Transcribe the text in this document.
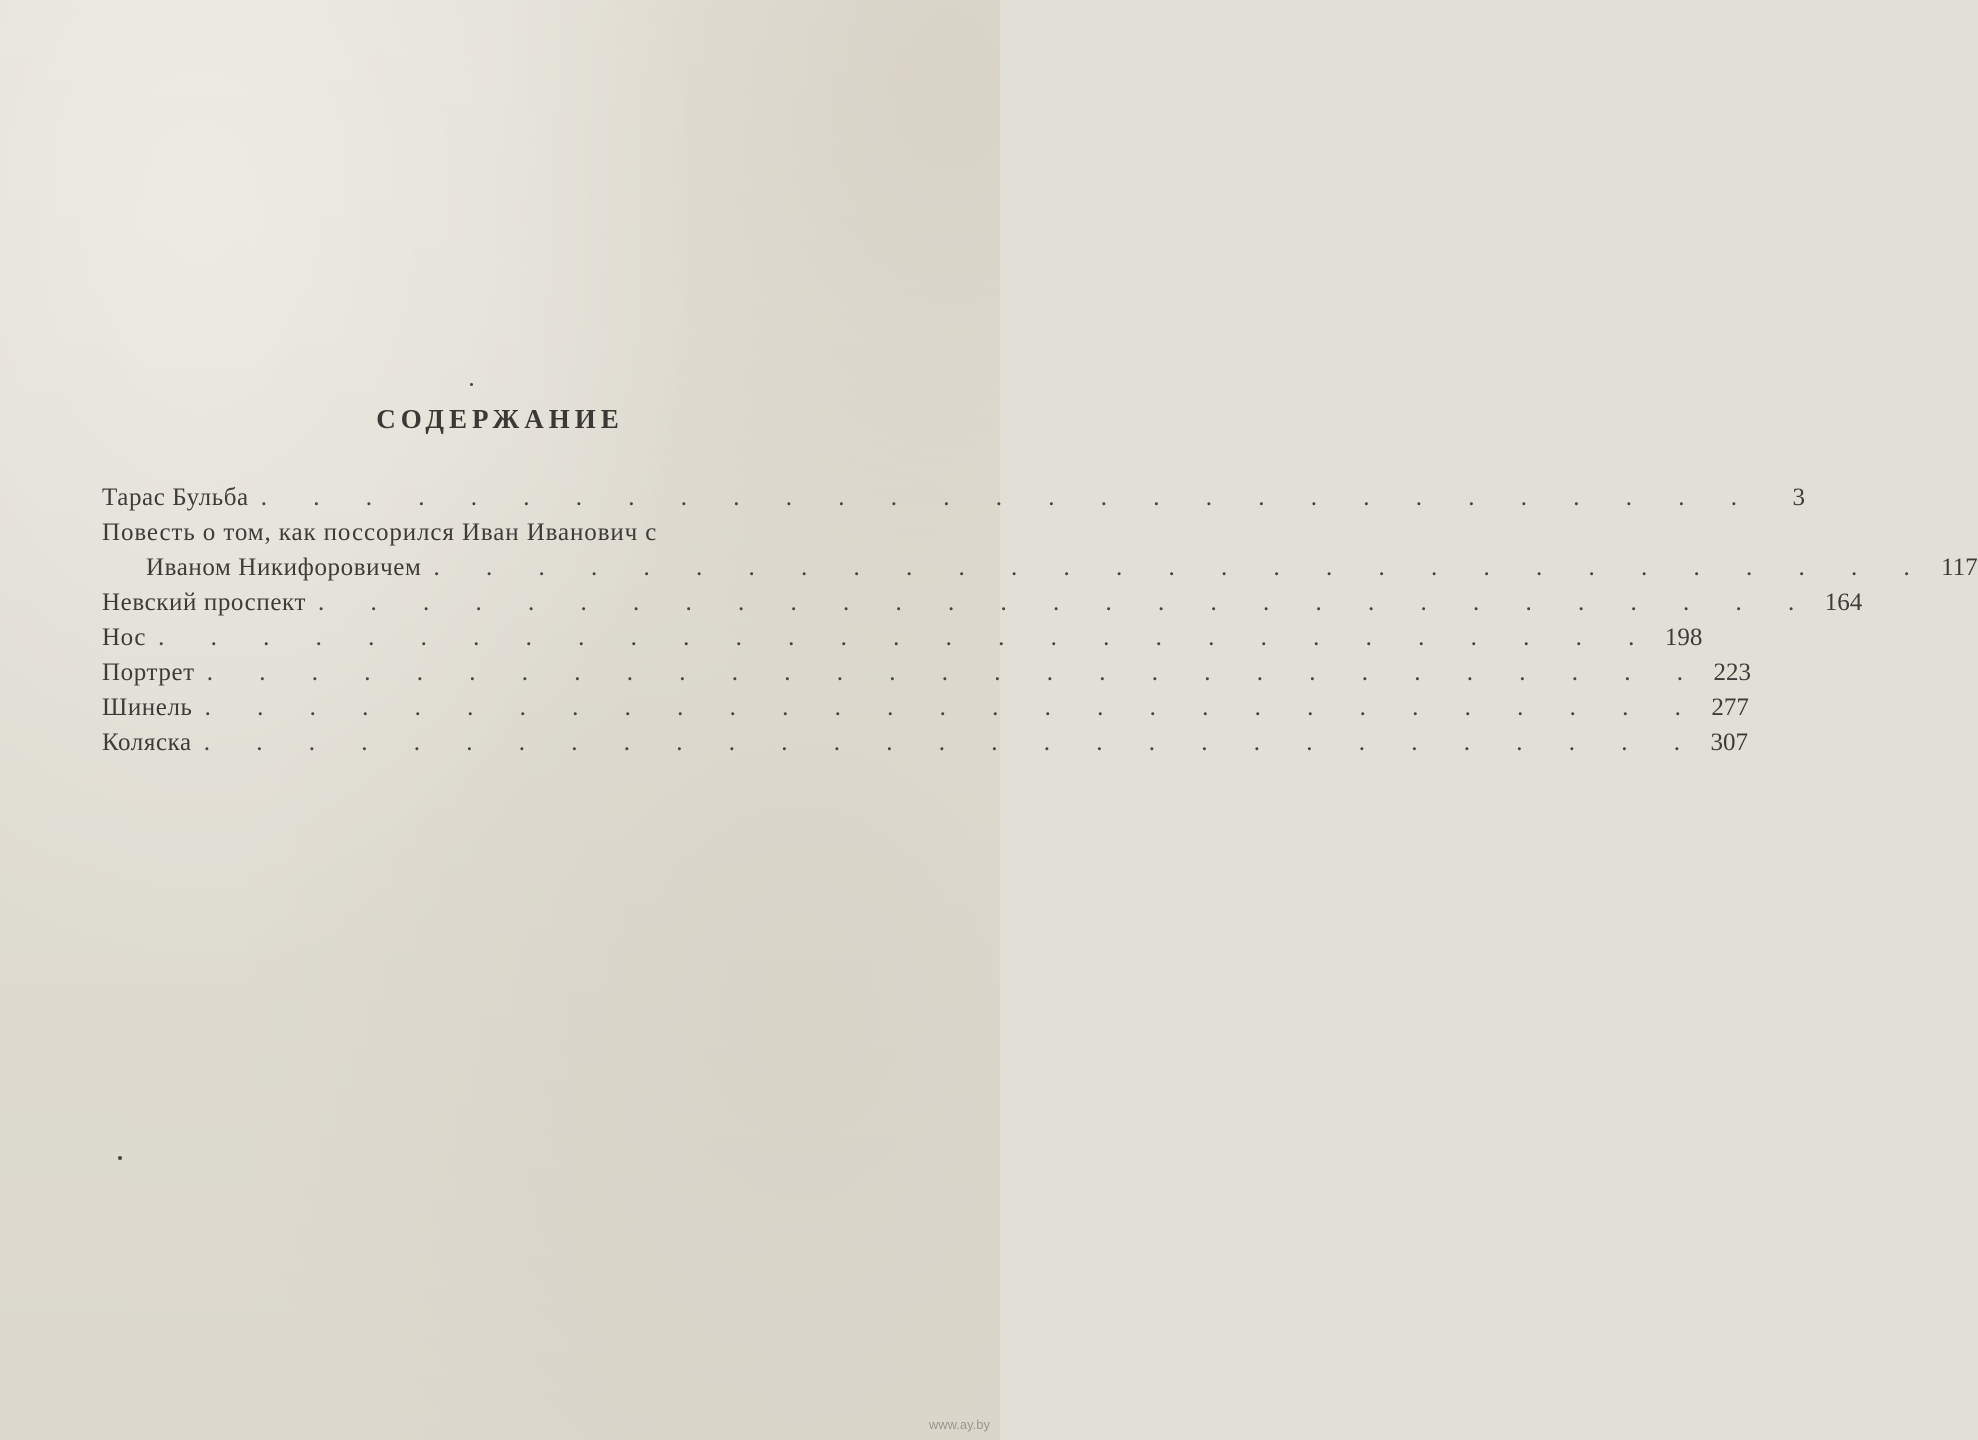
СОДЕРЖАНИЕ
Тарас Бульба . . . . . . . . . . . . . . . . . . . . . . . . . . . . .	3
Повесть о том, как поссорился Иван Иванович с
Иваном Никифоровичем . . . . . . . . . . . . . . . . . . . . . . . . . . . . . 117
Невский проспект . . . . . . . . . . . . . . . . . . . . . . . . . . . . . 164
Нос . . . . . . . . . . . . . . . . . . . . . . . . . . . . . 198
Портрет . . . . . . . . . . . . . . . . . . . . . . . . . . . . . 223
Шинель . . . . . . . . . . . . . . . . . . . . . . . . . . . . . 277
Коляска . . . . . . . . . . . . . . . . . . . . . . . . . . . . . 307
www.ay.by
